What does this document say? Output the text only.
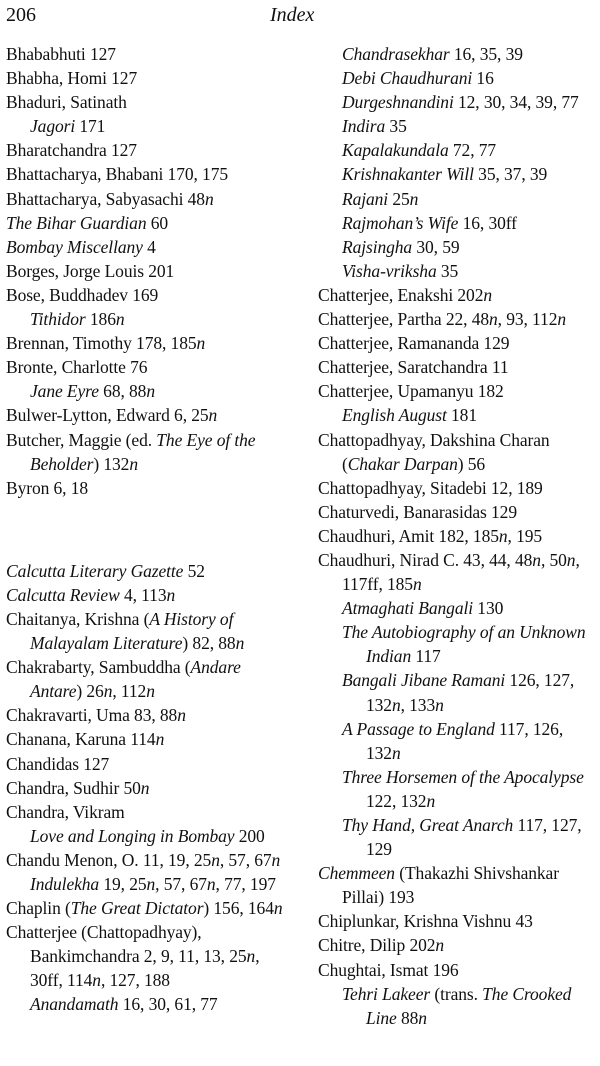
206	Index

Bhababhuti 127

Bhabha, Homi 127

Bhaduri, Satinath

Jagori 171

Bharatchandra 127

Bhattacharya, Bhabani 170, 175

Bhattacharya, Sabyasachi 48n

The Bihar Guardian 60

Bombay Miscellany 4

Borges, Jorge Louis 201

Bose, Buddhadev 169

Tithidor 186n

Brennan, Timothy 178, 185n

Bronte, Charlotte 76

Jane Eyre 68, 88n

Bulwer-Lytton, Edward 6, 25n

Butcher, Maggie (ed. The Eye of the Beholder) 132n

Byron 6, 18

Calcutta Literary Gazette 52

Calcutta Review 4, 113n

Chaitanya, Krishna (A History of Malayalam Literature) 82, 88n

Chakrabarty, Sambuddha (Andare Antare) 26n, 112n

Chakravarti, Uma 83, 88n

Chanana, Karuna 114n

Chandidas 127

Chandra, Sudhir 50n

Chandra, Vikram

Love and Longing in Bombay 200

Chandu Menon, O. 11, 19, 25n, 57, 67n

Indulekha 19, 25n, 57, 67n, 77, 197

Chaplin (The Great Dictator) 156, 164n

Chatterjee (Chattopadhyay), Bankimchandra 2, 9, 11, 13, 25n, 30ff, 114n, 127, 188

Anandamath 16, 30, 61, 77

Chandrasekhar 16, 35, 39

Debi Chaudhurani 16

Durgeshnandini 12, 30, 34, 39, 77

Indira 35

Kapalakundala 72, 77

Krishnakanter Will 35, 37, 39

Rajani 25n

Rajmohan’s Wife 16, 30ff

Rajsingha 30, 59

Visha-vriksha 35

Chatterjee, Enakshi 202n

Chatterjee, Partha 22, 48n, 93, 112n

Chatterjee, Ramananda 129

Chatterjee, Saratchandra 11

Chatterjee, Upamanyu 182

English August 181

Chattopadhyay, Dakshina Charan (Chakar Darpan) 56

Chattopadhyay, Sitadebi 12, 189

Chaturvedi, Banarasidas 129

Chaudhuri, Amit 182, 185n, 195

Chaudhuri, Nirad C. 43, 44, 48n, 50n, 117ff, 185n

Atmaghati Bangali 130

The Autobiography of an Unknown Indian 117

Bangali Jibane Ramani 126, 127, 132n, 133n

A Passage to England 117, 126, 132n

Three Horsemen of the Apocalypse 122, 132n

Thy Hand, Great Anarch 117, 127, 129

Chemmeen (Thakazhi Shivshankar Pillai) 193

Chiplunkar, Krishna Vishnu 43

Chitre, Dilip 202n

Chughtai, Ismat 196

Tehri Lakeer (trans. The Crooked Line 88n
